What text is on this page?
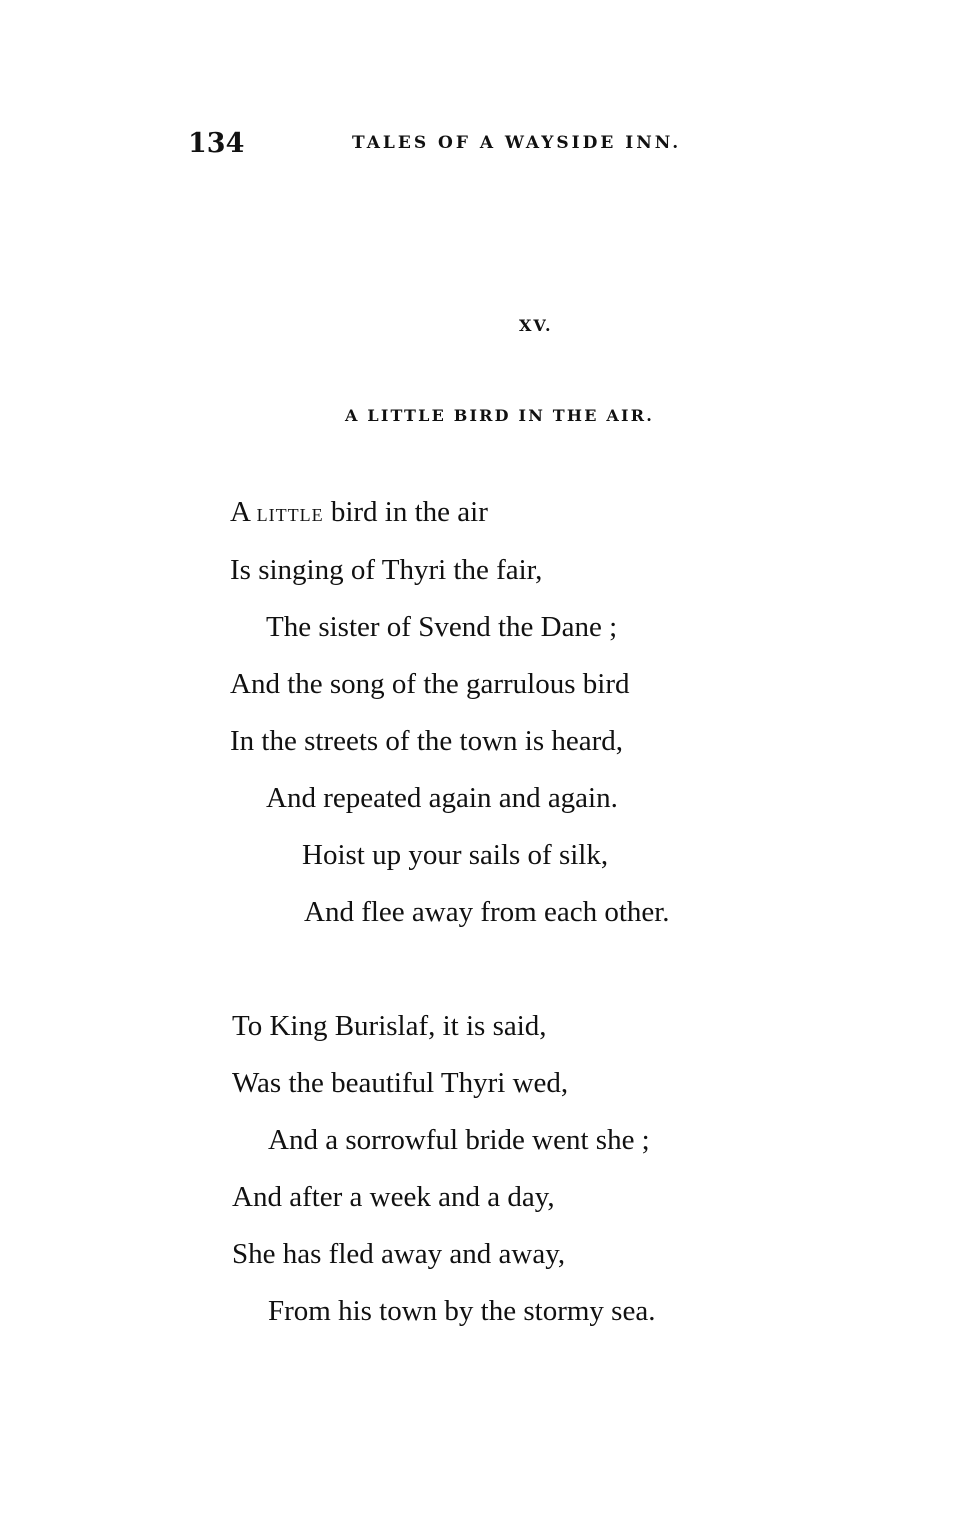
134	TALES OF A WAYSIDE INN.
XV.
A LITTLE BIRD IN THE AIR.
A little bird in the air
Is singing of Thyri the fair,
The sister of Svend the Dane ;
And the song of the garrulous bird
In the streets of the town is heard,
And repeated again and again.
Hoist up your sails of silk,
And flee away from each other.
To King Burislaf, it is said,
Was the beautiful Thyri wed,
And a sorrowful bride went she ;
And after a week and a day,
She has fled away and away,
From his town by the stormy sea.
